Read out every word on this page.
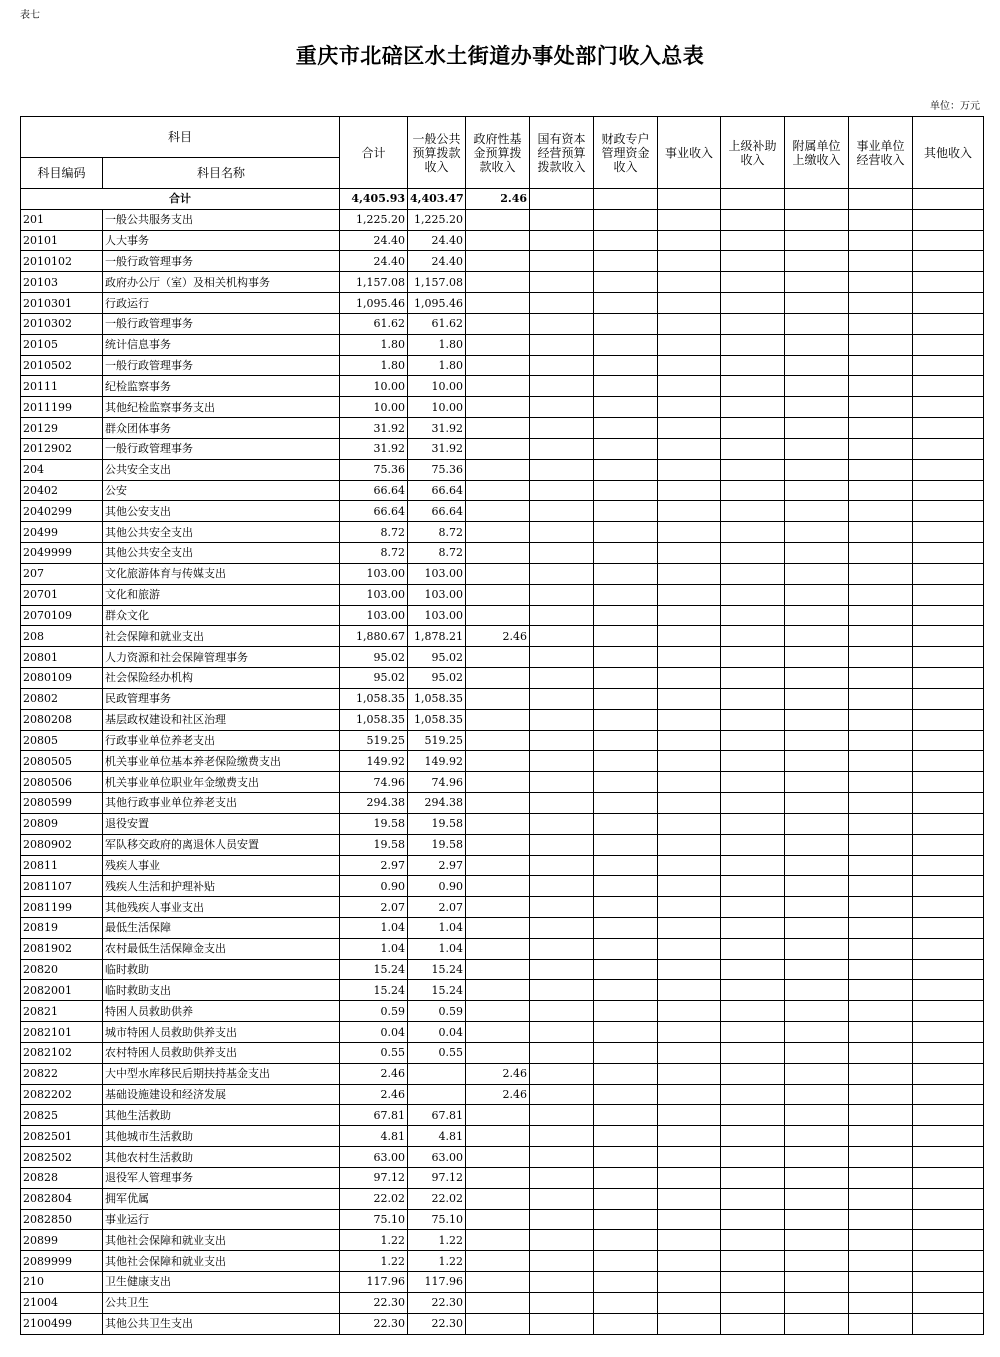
表七
重庆市北碚区水土街道办事处部门收入总表
单位：万元
科目		合计	一般公共预算拨款收入	政府性基金预算拨款收入	国有资本经营预算拨款收入	财政专户管理资金收入	事业收入	上级补助收入	附属单位上缴收入	事业单位经营收入	其他收入
科目编码	科目名称										
合计		4,405.93	4,403.47	2.46							
201	一般公共服务支出	1,225.20	1,225.20								
20101	人大事务	24.40	24.40								
2010102	一般行政管理事务	24.40	24.40								
20103	政府办公厅（室）及相关机构事务	1,157.08	1,157.08								
2010301	行政运行	1,095.46	1,095.46								
2010302	一般行政管理事务	61.62	61.62								
20105	统计信息事务	1.80	1.80								
2010502	一般行政管理事务	1.80	1.80								
20111	纪检监察事务	10.00	10.00								
2011199	其他纪检监察事务支出	10.00	10.00								
20129	群众团体事务	31.92	31.92								
2012902	一般行政管理事务	31.92	31.92								
204	公共安全支出	75.36	75.36								
20402	公安	66.64	66.64								
2040299	其他公安支出	66.64	66.64								
20499	其他公共安全支出	8.72	8.72								
2049999	其他公共安全支出	8.72	8.72								
207	文化旅游体育与传媒支出	103.00	103.00								
20701	文化和旅游	103.00	103.00								
2070109	群众文化	103.00	103.00								
208	社会保障和就业支出	1,880.67	1,878.21	2.46							
20801	人力资源和社会保障管理事务	95.02	95.02								
2080109	社会保险经办机构	95.02	95.02								
20802	民政管理事务	1,058.35	1,058.35								
2080208	基层政权建设和社区治理	1,058.35	1,058.35								
20805	行政事业单位养老支出	519.25	519.25								
2080505	机关事业单位基本养老保险缴费支出	149.92	149.92								
2080506	机关事业单位职业年金缴费支出	74.96	74.96								
2080599	其他行政事业单位养老支出	294.38	294.38								
20809	退役安置	19.58	19.58								
2080902	军队移交政府的离退休人员安置	19.58	19.58								
20811	残疾人事业	2.97	2.97								
2081107	残疾人生活和护理补贴	0.90	0.90								
2081199	其他残疾人事业支出	2.07	2.07								
20819	最低生活保障	1.04	1.04								
2081902	农村最低生活保障金支出	1.04	1.04								
20820	临时救助	15.24	15.24								
2082001	临时救助支出	15.24	15.24								
20821	特困人员救助供养	0.59	0.59								
2082101	城市特困人员救助供养支出	0.04	0.04								
2082102	农村特困人员救助供养支出	0.55	0.55								
20822	大中型水库移民后期扶持基金支出	2.46		2.46							
2082202	基础设施建设和经济发展	2.46		2.46							
20825	其他生活救助	67.81	67.81								
2082501	其他城市生活救助	4.81	4.81								
2082502	其他农村生活救助	63.00	63.00								
20828	退役军人管理事务	97.12	97.12								
2082804	拥军优属	22.02	22.02								
2082850	事业运行	75.10	75.10								
20899	其他社会保障和就业支出	1.22	1.22								
2089999	其他社会保障和就业支出	1.22	1.22								
210	卫生健康支出	117.96	117.96								
21004	公共卫生	22.30	22.30								
2100499	其他公共卫生支出	22.30	22.30								
